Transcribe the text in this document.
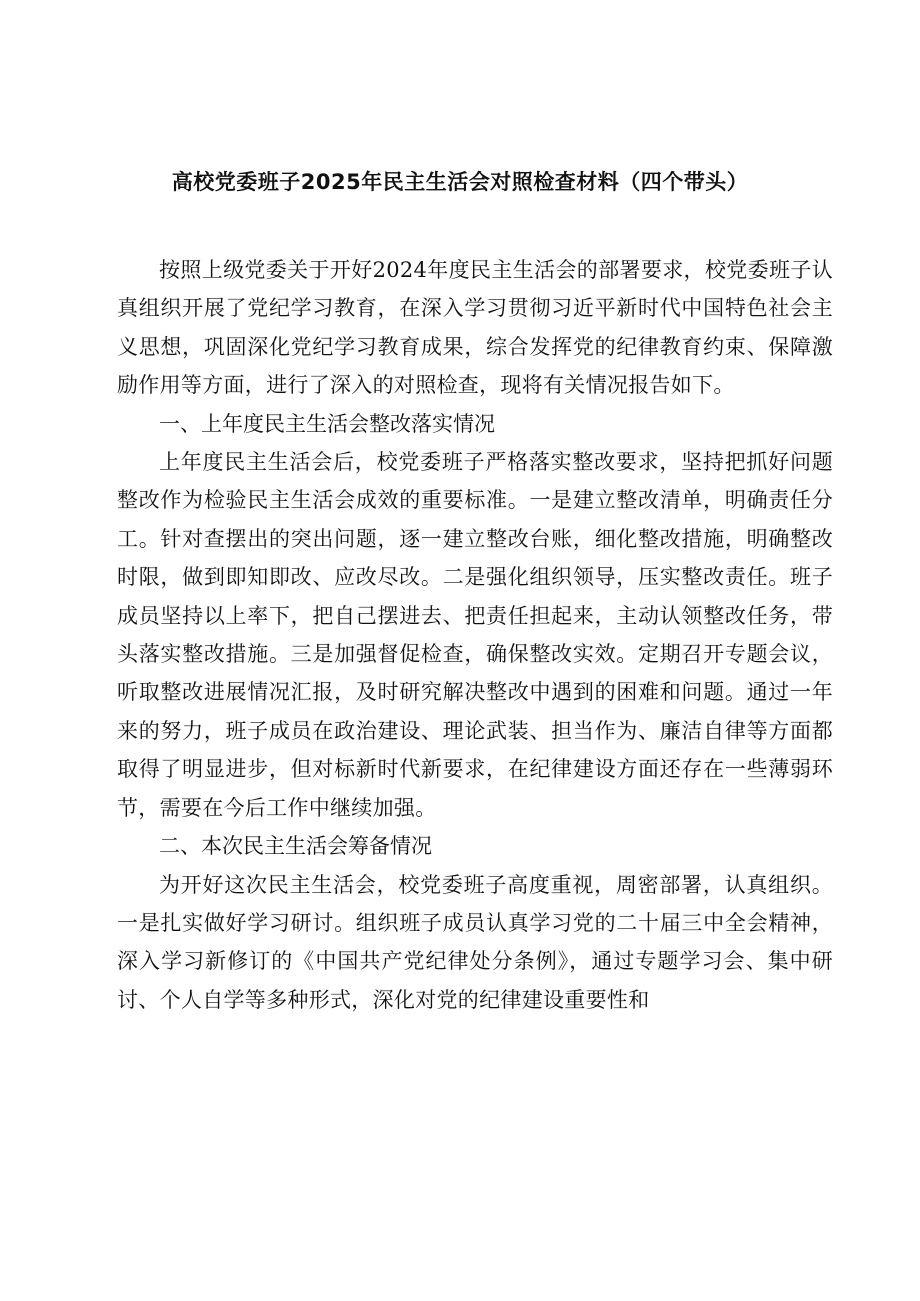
高校党委班子2025年民主生活会对照检查材料（四个带头）

按照上级党委关于开好2024年度民主生活会的部署要求，校党委班子认真组织开展了党纪学习教育，在深入学习贯彻习近平新时代中国特色社会主义思想，巩固深化党纪学习教育成果，综合发挥党的纪律教育约束、保障激励作用等方面，进行了深入的对照检查，现将有关情况报告如下。

一、上年度民主生活会整改落实情况

上年度民主生活会后，校党委班子严格落实整改要求，坚持把抓好问题整改作为检验民主生活会成效的重要标准。一是建立整改清单，明确责任分工。针对查摆出的突出问题，逐一建立整改台账，细化整改措施，明确整改时限，做到即知即改、应改尽改。二是强化组织领导，压实整改责任。班子成员坚持以上率下，把自己摆进去、把责任担起来，主动认领整改任务，带头落实整改措施。三是加强督促检查，确保整改实效。定期召开专题会议，听取整改进展情况汇报，及时研究解决整改中遇到的困难和问题。通过一年来的努力，班子成员在政治建设、理论武装、担当作为、廉洁自律等方面都取得了明显进步，但对标新时代新要求，在纪律建设方面还存在一些薄弱环节，需要在今后工作中继续加强。

二、本次民主生活会筹备情况

为开好这次民主生活会，校党委班子高度重视，周密部署，认真组织。一是扎实做好学习研讨。组织班子成员认真学习党的二十届三中全会精神，深入学习新修订的《中国共产党纪律处分条例》，通过专题学习会、集中研讨、个人自学等多种形式，深化对党的纪律建设重要性和
